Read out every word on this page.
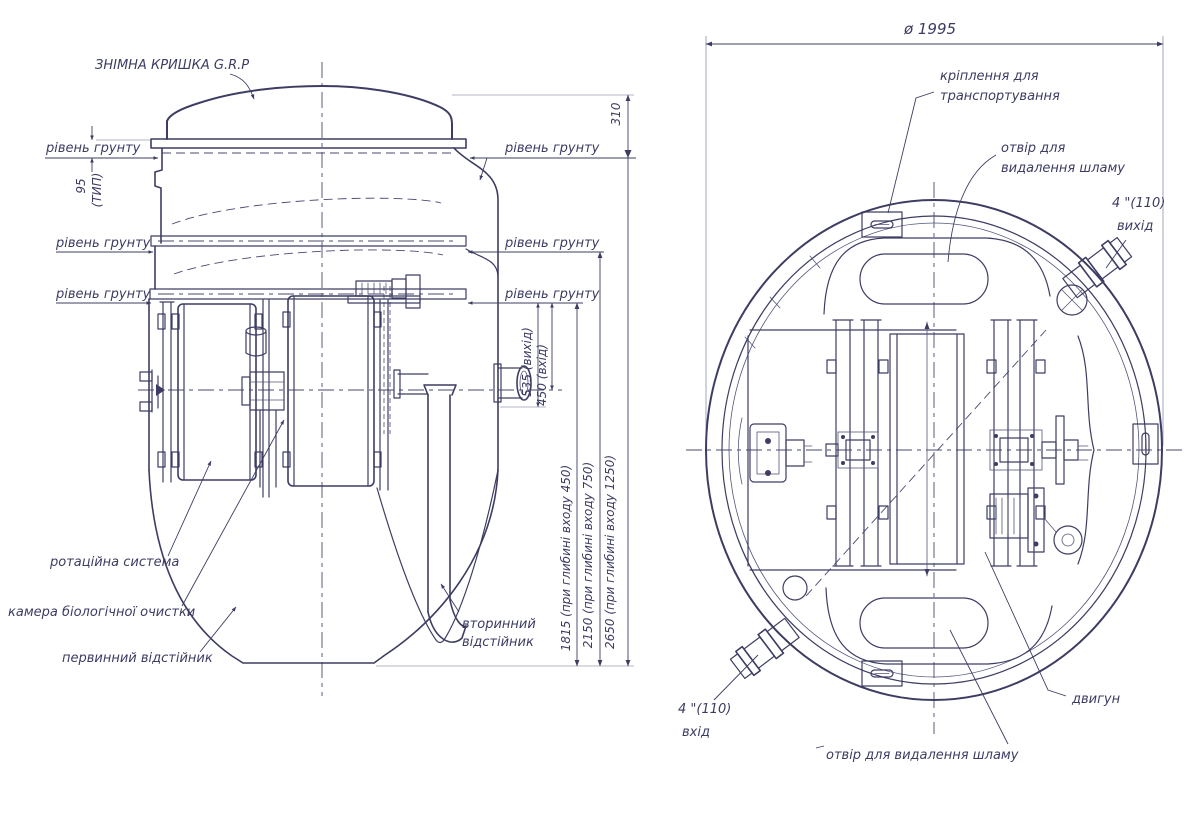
рівень грунту	рівень грунту
рівень грунту	рівень грунту
рівень грунту	рівень грунту
95 (ТИП)
310
535 (вихід) 450 (вхід)
1815 (при глибині входу 450) 2150 (при глибині входу 750) 2650 (при глибині входу 1250)
ЗНІМНА КРИШКА G.R.P
ротаційна система
камера біологічної очистки
первинний відстійник
вторинний
відстійник
ø 1995
кріплення для
транспортування
отвір для
видалення шламу
4 "(110)
вихід
4 "(110)
вхід
двигун
отвір для видалення шламу
